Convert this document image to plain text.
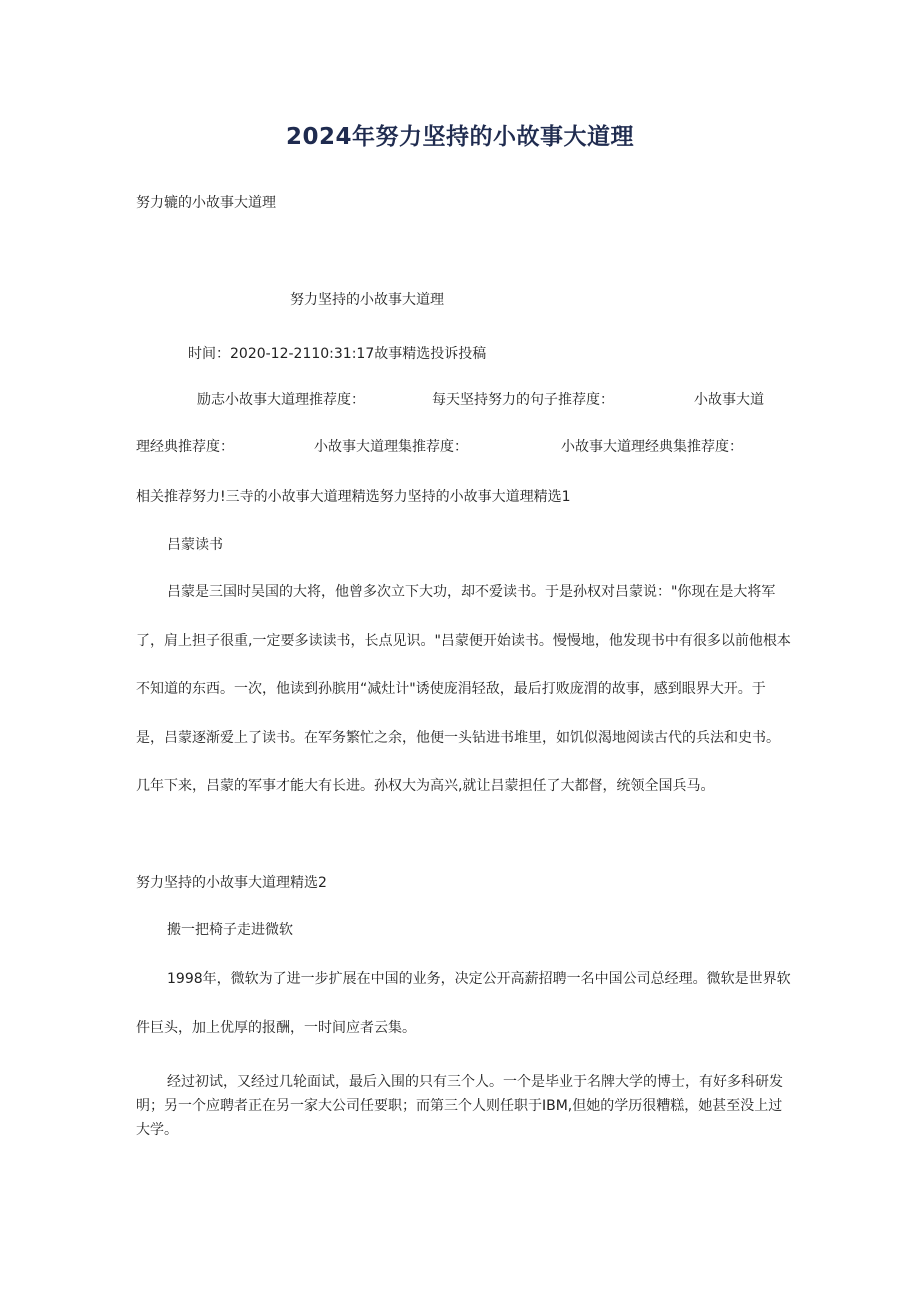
2024年努力坚持的小故事大道理
努力辘的小故事大道理
努力坚持的小故事大道理
时间：2020-12-2110:31:17故事精选投诉投稿
励志小故事大道理推荐度：	每天坚持努力的句子推荐度：	小故事大道
理经典推荐度：	小故事大道理集推荐度：	小故事大道理经典集推荐度：
相关推荐努力!三寺的小故事大道理精选努力坚持的小故事大道理精选1
吕蒙读书
吕蒙是三国时吴国的大将，他曾多次立下大功，却不爱读书。于是孙权对吕蒙说："你现在是大将军了，肩上担子很重,一定要多读读书，长点见识。"吕蒙便开始读书。慢慢地，他发现书中有很多以前他根本不知道的东西。一次，他读到孙膑用“减灶计"诱使庞涓轻敌，最后打败庞渭的故事，感到眼界大开。于是，吕蒙逐渐爱上了读书。在军务繁忙之余，他便一头钻进书堆里，如饥似渴地阅读古代的兵法和史书。几年下来，吕蒙的军事才能大有长进。孙权大为高兴,就让吕蒙担任了大都督，统领全国兵马。
努力坚持的小故事大道理精选2
搬一把椅子走进微软
1998年，微软为了进一步扩展在中国的业务，决定公开高薪招聘一名中国公司总经理。微软是世界软件巨头，加上优厚的报酬，一时间应者云集。
经过初试，又经过几轮面试，最后入围的只有三个人。一个是毕业于名牌大学的博士，有好多科研发明；另一个应聘者正在另一家大公司任要职；而第三个人则任职于IBM,但她的学历很糟糕，她甚至没上过大学。
